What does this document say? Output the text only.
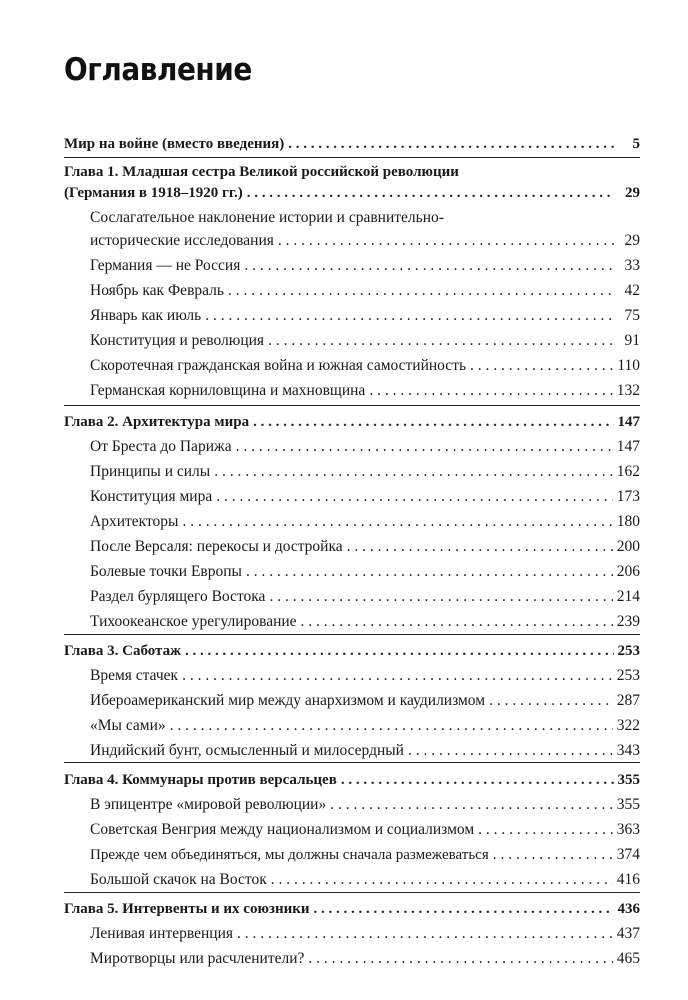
Оглавление
Мир на войне (вместо введения) . . .	5
Глава 1. Младшая сестра Великой российской революции
(Германия в 1918–1920 гг.) . . .	29
Сослагательное наклонение истории и сравнительно-
исторические исследования . . .	29
Германия — не Россия . . .	33
Ноябрь как Февраль . . .	42
Январь как июль . . .	75
Конституция и революция . . .	91
Скоротечная гражданская война и южная самостийность . . .	110
Германская корниловщина и махновщина . . .	132
Глава 2. Архитектура мира . . .	147
От Бреста до Парижа . . .	147
Принципы и силы . . .	162
Конституция мира . . .	173
Архитекторы . . .	180
После Версаля: перекосы и достройка . . .	200
Болевые точки Европы . . .	206
Раздел бурлящего Востока . . .	214
Тихоокеанское урегулирование . . .	239
Глава 3. Саботаж . . .	253
Время стачек . . .	253
Ибероамериканский мир между анархизмом и каудилизмом . . .	287
«Мы сами» . . .	322
Индийский бунт, осмысленный и милосердный . . .	343
Глава 4. Коммунары против версальцев . . .	355
В эпицентре «мировой революции» . . .	355
Советская Венгрия между национализмом и социализмом . . .	363
Прежде чем объединяться, мы должны сначала размежеваться . . .	374
Большой скачок на Восток . . .	416
Глава 5. Интервенты и их союзники . . .	436
Ленивая интервенция . . .	437
Миротворцы или расчленители? . . .	465
